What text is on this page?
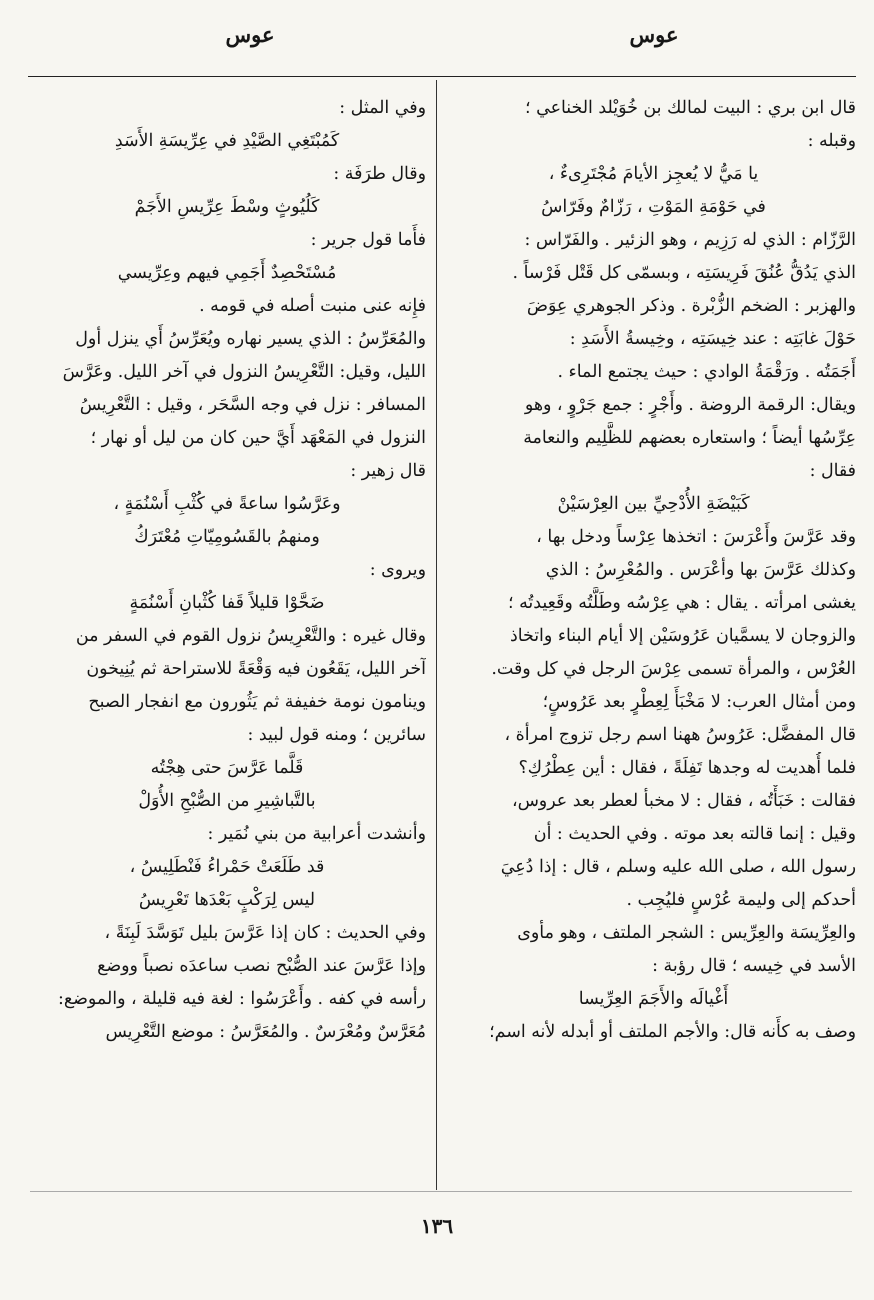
عوس
عوس
قال ابن بري : البيت لمالك بن خُوَيْلد الخناعي ؛
وقبله :
يا مَيُّ لا يُعجِز الأيامَ مُجْتَرِىءٌ ،
في حَوْمَةِ المَوْتِ ، رَزّامٌ وفَرّاسُ
الرَّزّام : الذي له رَزِيم ، وهو الزئير . والفَرّاس :
الذي يَدُقُّ عُنُقَ فَرِيسَتِه ، وبسمّى كل قَتْل فَرْساً .
والهزبر : الضخم الزُّبْرة . وذكر الجوهري عِوَضَ
حَوْلَ غابَتِه : عند خِيسَتِه ، وخِيسةُ الأَسَدِ :
أَجَمَتُه . ورَقْمَةُ الوادي : حيث يجتمع الماء .
ويقال: الرقمة الروضة . وأَجْرٍ : جمع جَرْوٍ ، وهو
عِرِّسُها أيضاً ؛ واستعاره بعضهم للظَّلِيم والنعامة
فقال :
كَبَيْضَةِ الأُدْحِيِّ بين العِرْسَيْنْ
وقد عَرَّسَ وأَعْرَسَ : اتخذها عِرْساً ودخل بها ،
وكذلك عَرَّسَ بها وأعْرَس . والمُعْرِسُ : الذي
يغشى امرأته . يقال : هي عِرْسُه وطَلَّتُه وقَعِيدتُه ؛
والزوجان لا يسمَّيان عَرُوسَيْن إلا أيام البناء واتخاذ
العُرْس ، والمرأة تسمى عِرْسَ الرجل في كل وقت.
ومن أمثال العرب: لا مَخْبَأَ لِعِطْرٍ بعد عَرُوسٍ؛
قال المفضَّل: عَرُوسُ ههنا اسم رجل تزوج امرأة ،
فلما أُهديت له وجدها تَفِلَةً ، فقال : أين عِطْرُكِ؟
فقالت : خَبَأْتُه ، فقال : لا مخبأ لعطر بعد عروس،
وقيل : إنما قالته بعد موته . وفي الحديث : أن
رسول الله ، صلى الله عليه وسلم ، قال : إذا دُعِيَ
أحدكم إلى وليمة عُرْسٍ فليُجِب .
والعِرِّيسَة والعِرِّيس : الشجر الملتف ، وهو مأوى
الأسد في خِيسه ؛ قال رؤبة :
أَغْيالَه والأَجَمَ العِرِّيسا
وصف به كأَنه قال: والأجم الملتف أو أبدله لأنه اسم؛
وفي المثل :
كَمُبْتَغِي الصَّيْدِ في عِرِّيسَةِ الأَسَدِ
وقال طرَفَة :
كَلُيُوثٍ وسْطَ عِرِّيسِ الأَجَمْ
فأَما قول جرير :
مُسْتَحْصِدٌ أَجَمِي فيهم وعِرِّيسي
فإِنه عنى منبت أصله في قومه .
والمُعَرِّسُ : الذي يسير نهاره ويُعَرِّسُ أَي ينزل أول
الليل، وقيل: التَّعْرِيسُ النزول في آخر الليل. وعَرَّسَ
المسافر : نزل في وجه السَّحَر ، وقيل : التَّعْرِيسُ
النزول في المَعْهَد أَيَّ حين كان من ليل أو نهار ؛
قال زهير :
وعَرَّسُوا ساعةً في كُثْبِ أَسْنُمَةٍ ،
ومنهمُ بالقَسُومِيّاتِ مُعْتَرَكُ
ويروى :
ضَحَّوْا قليلاً قَفا كُثْبانِ أَسْنُمَةٍ
وقال غيره : والتَّعْرِيسُ نزول القوم في السفر من
آخر الليل، يَقَعُون فيه وَقْعَةً للاستراحة ثم يُنِيخون
وينامون نومة خفيفة ثم يَثُورون مع انفجار الصبح
سائرين ؛ ومنه قول لبيد :
قَلَّما عَرَّسَ حتى هِجْتُه
بالتَّباشِيرِ من الصُّبْحِ الأُوَلْ
وأنشدت أعرابية من بني نُمَير :
قد طَلَعَتْ حَمْراءُ فَنْطَلِيسُ ،
ليس لِرَكْبٍ بَعْدَها تَعْرِيسُ
وفي الحديث : كان إذا عَرَّسَ بليل تَوَسَّدَ لَبِنَةً ،
وإذا عَرَّسَ عند الصُّبْح نصب ساعدَه نصباً ووضع
رأسه في كفه . وأَعْرَسُوا : لغة فيه قليلة ، والموضع:
مُعَرَّسٌ ومُعْرَسٌ . والمُعَرَّسُ : موضع التَّعْرِيس
١٣٦
